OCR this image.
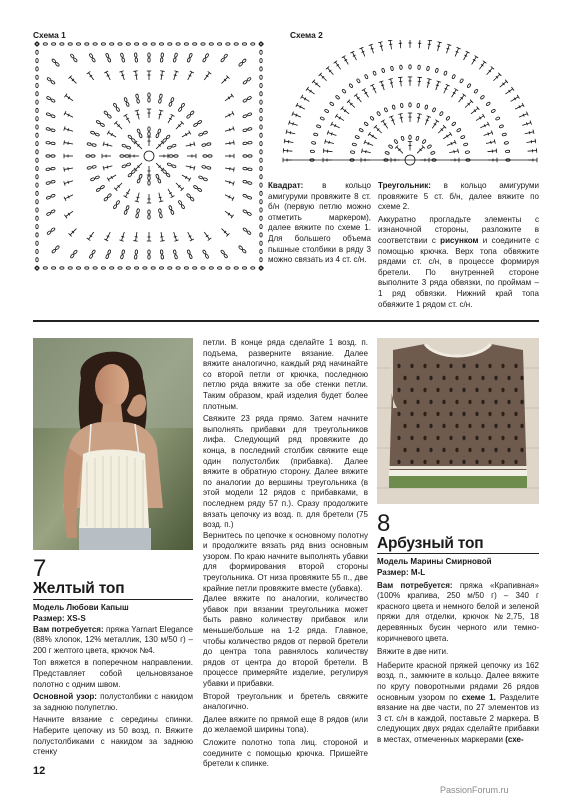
Схема 1	Схема 2
Квадрат: в кольцо амигуруми провяжите 8 ст. б/н (первую петлю можно отметить маркером), далее вяжите по схеме 1. Для большего объема пышные столбики в ряду 3 можно связать из 4 ст. с/н.

Треугольник: в кольцо амигуруми провяжите 5 ст. б/н, далее вяжите по схеме 2.

Аккуратно прогладьте элементы с изнаночной стороны, разложите в соответствии с рисунком и соедините с помощью крючка. Верх топа обвяжите рядами ст. с/н, в процессе формируя бретели. По внутренней стороне выполните 3 ряда обвязки, по проймам – 1 ряд обвязки. Нижний край топа обвяжите 1 рядом ст. с/н.

7
Желтый топ
Модель Любови Капыш

Размер: XS-S

Вам потребуется: пряжа Yarnart Elegance (88% хлопок, 12% металлик, 130 м/50 г) – 200 г желтого цвета, крючок №4.

Топ вяжется в поперечном направлении. Представляет собой цельновязаное полотно с одним швом.

Основной узор: полустолбики с накидом за заднюю полупетлю.

Начните вязание с середины спинки. Наберите цепочку из 50 возд. п. Вяжите полустолбиками с накидом за заднюю стенку

петли. В конце ряда сделайте 1 возд. п. подъема, разверните вязание. Далее вяжите аналогично, каждый ряд начинайте со второй петли от крючка, последнюю петлю ряда вяжите за обе стенки петли. Таким образом, край изделия будет более плотным.

Свяжите 23 ряда прямо. Затем начните выполнять прибавки для треугольников лифа. Следующий ряд провяжите до конца, в последний столбик свяжите еще один полустолбик (прибавка). Далее вяжите в обратную сторону. Далее вяжите по аналогии до вершины треугольника (в этой модели 12 рядов с прибавками, в последнем ряду 57 п.). Сразу продолжите вязать цепочку из возд. п. для бретели (75 возд. п.)

Вернитесь по цепочке к основному полотну и продолжите вязать ряд вниз основным узором. По краю начните выполнять убавки для формирования второй стороны треугольника. От низа провяжите 55 п., две крайние петли провяжите вместе (убавка).

Далее вяжите по аналогии, количество убавок при вязании треугольника может быть равно количеству прибавок или меньше/больше на 1-2 ряда. Главное, чтобы количество рядов от первой бретели до центра топа равнялось количеству рядов от центра до второй бретели. В процессе примеряйте изделие, регулируя убавки и прибавки.

Второй треугольник и бретель свяжите аналогично.

Далее вяжите по прямой еще 8 рядов (или до желаемой ширины топа).

Сложите полотно топа лиц. стороной и соедините с помощью крючка. Пришейте бретели к спинке.

8
Арбузный топ
Модель Марины Смирновой

Размер: M-L

Вам потребуется: пряжа «Крапивная» (100% крапива, 250 м/50 г) – 340 г красного цвета и немного белой и зеленой пряжи для отделки, крючок №2,75, 18 деревянных бусин черного или темно-коричневого цвета.

Вяжите в две нити.

Наберите красной пряжей цепочку из 162 возд. п., замкните в кольцо. Далее вяжите по кругу поворотными рядами 26 рядов основным узором по схеме 1. Разделите вязание на две части, по 27 элементов из 3 ст. с/н в каждой, поставьте 2 маркера. В следующих двух рядах сделайте прибавки в местах, отмеченных маркерами (схе-

12
PassionForum.ru
